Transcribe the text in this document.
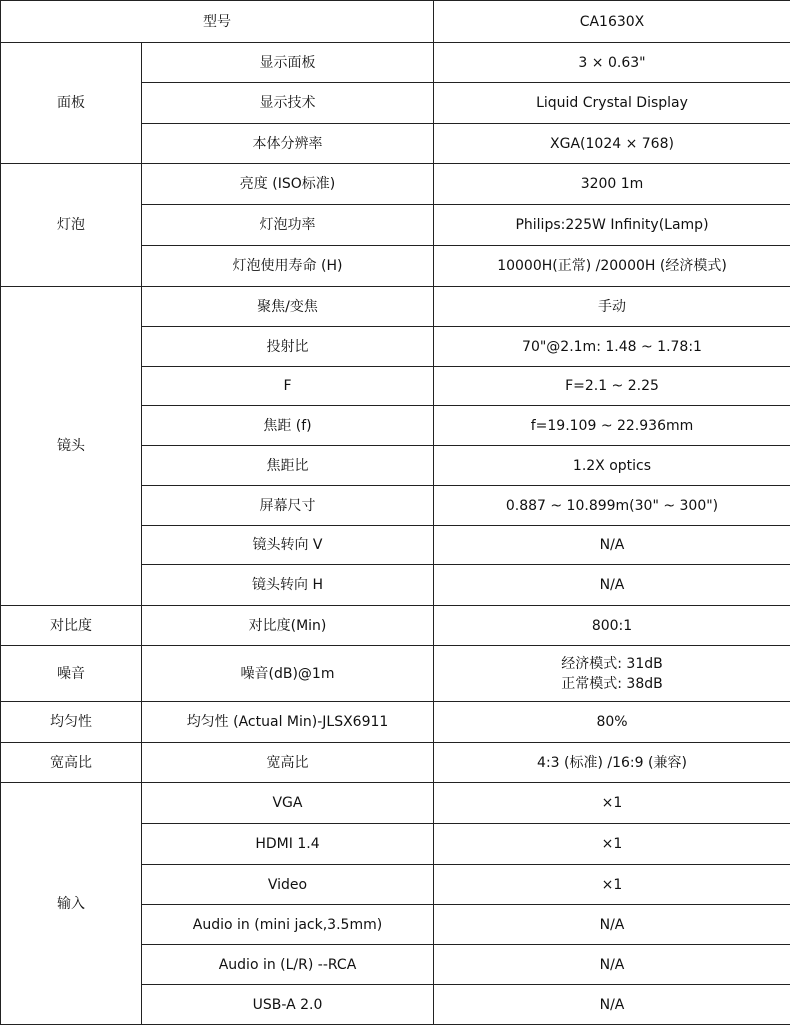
型号		CA1630X
面板	显示面板	3 × 0.63"
	显示技术	Liquid Crystal Display
	本体分辨率	XGA(1024 × 768)
灯泡	亮度 (ISO标准)	3200 1m
	灯泡功率	Philips:225W Infinity(Lamp)
	灯泡使用寿命 (H)	10000H(正常) /20000H (经济模式)
镜头	聚焦/变焦	手动
	投射比	70"@2.1m: 1.48 ~ 1.78:1
	F	F=2.1 ~ 2.25
	焦距 (f)	f=19.109 ~ 22.936mm
	焦距比	1.2X optics
	屏幕尺寸	0.887 ~ 10.899m(30" ~ 300")
	镜头转向 V	N/A
	镜头转向 H	N/A
对比度	对比度(Min)	800:1
噪音	噪音(dB)@1m	经济模式: 31dB
正常模式: 38dB

均匀性	均匀性 (Actual Min)-JLSX6911	80%
宽高比	宽高比	4:3 (标准) /16:9 (兼容)
输入	VGA	×1
	HDMI 1.4	×1
	Video	×1
	Audio in (mini jack,3.5mm)	N/A
	Audio in (L/R) --RCA	N/A
	USB-A 2.0	N/A
